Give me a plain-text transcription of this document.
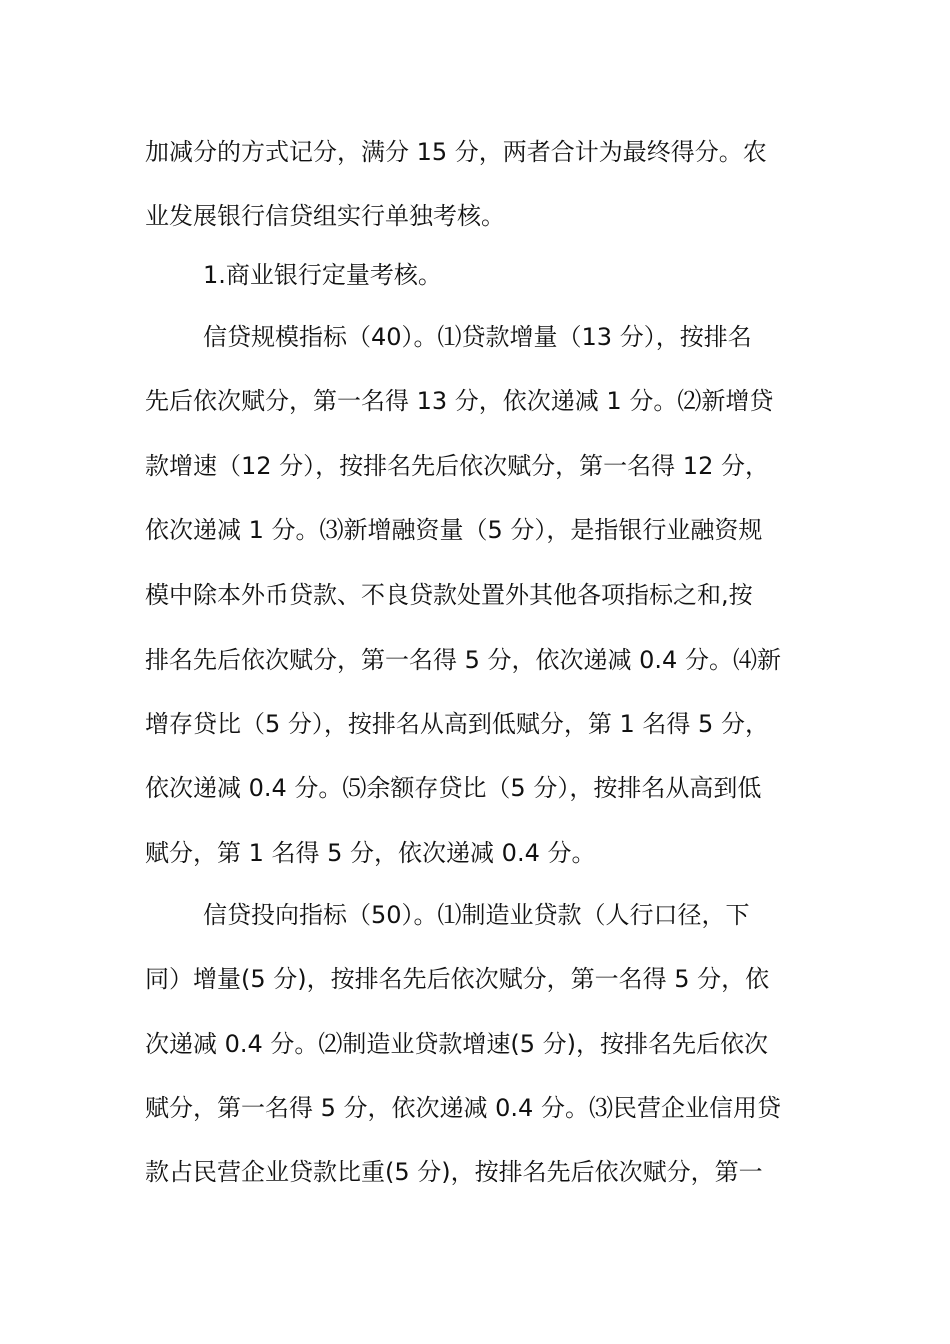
加减分的方式记分，满分 15 分，两者合计为最终得分。农
业发展银行信贷组实行单独考核。
1.商业银行定量考核。
信贷规模指标（40）。⑴贷款增量（13 分），按排名
先后依次赋分，第一名得 13 分，依次递减 1 分。⑵新增贷
款增速（12 分），按排名先后依次赋分，第一名得 12 分，
依次递减 1 分。⑶新增融资量（5 分），是指银行业融资规
模中除本外币贷款、不良贷款处置外其他各项指标之和,按
排名先后依次赋分，第一名得 5 分，依次递减 0.4 分。⑷新
增存贷比（5 分），按排名从高到低赋分，第 1 名得 5 分，
依次递减 0.4 分。⑸余额存贷比（5 分），按排名从高到低
赋分，第 1 名得 5 分，依次递减 0.4 分。
信贷投向指标（50）。⑴制造业贷款（人行口径，下
同）增量(5 分)，按排名先后依次赋分，第一名得 5 分，依
次递减 0.4 分。⑵制造业贷款增速(5 分)，按排名先后依次
赋分，第一名得 5 分，依次递减 0.4 分。⑶民营企业信用贷
款占民营企业贷款比重(5 分)，按排名先后依次赋分，第一
